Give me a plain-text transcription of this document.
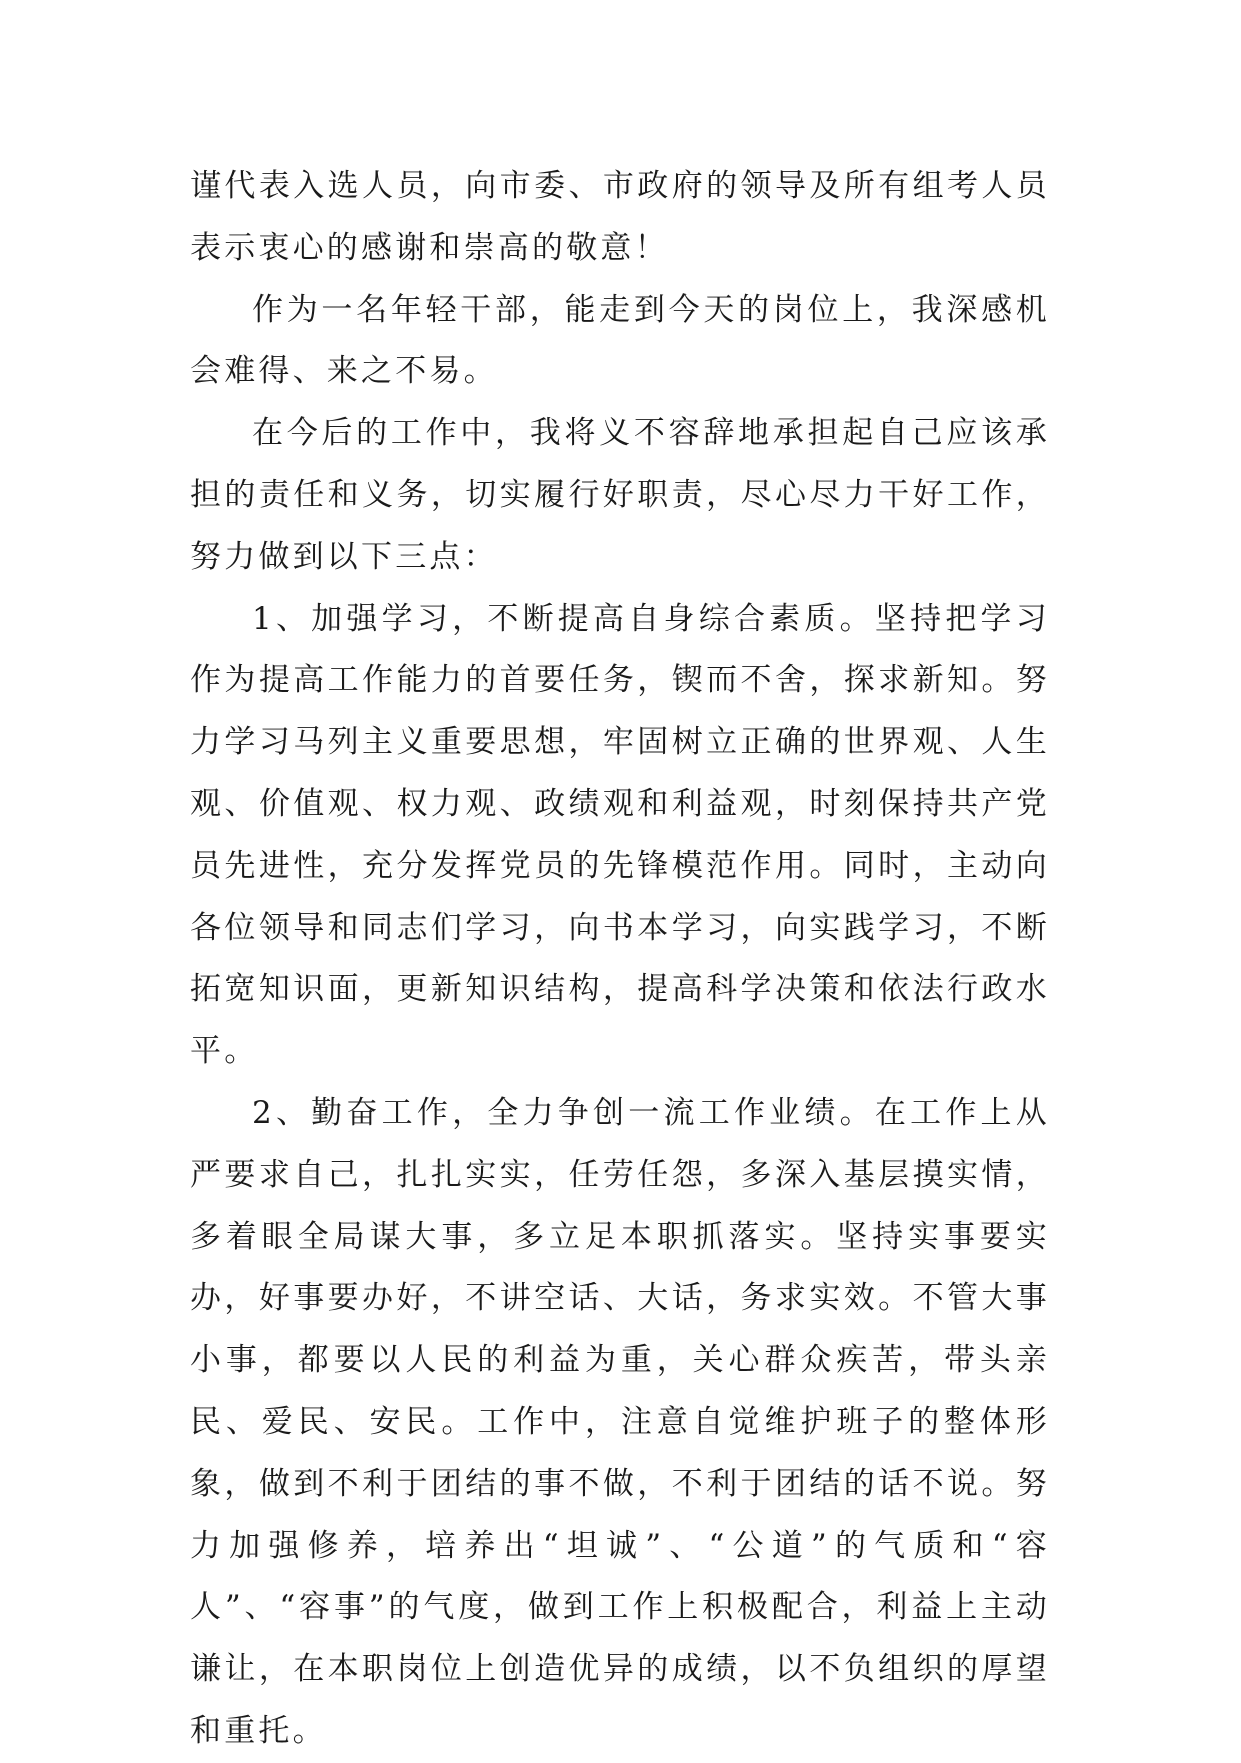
谨代表入选人员，向市委、市政府的领导及所有组考人员表示衷心的感谢和崇高的敬意！

作为一名年轻干部，能走到今天的岗位上，我深感机会难得、来之不易。

在今后的工作中，我将义不容辞地承担起自己应该承担的责任和义务，切实履行好职责，尽心尽力干好工作，努力做到以下三点：

1、加强学习，不断提高自身综合素质。坚持把学习作为提高工作能力的首要任务，锲而不舍，探求新知。努力学习马列主义重要思想，牢固树立正确的世界观、人生观、价值观、权力观、政绩观和利益观，时刻保持共产党员先进性，充分发挥党员的先锋模范作用。同时，主动向各位领导和同志们学习，向书本学习，向实践学习，不断拓宽知识面，更新知识结构，提高科学决策和依法行政水平。

2、勤奋工作，全力争创一流工作业绩。在工作上从严要求自己，扎扎实实，任劳任怨，多深入基层摸实情，多着眼全局谋大事，多立足本职抓落实。坚持实事要实办，好事要办好，不讲空话、大话，务求实效。不管大事小事，都要以人民的利益为重，关心群众疾苦，带头亲民、爱民、安民。工作中，注意自觉维护班子的整体形象，做到不利于团结的事不做，不利于团结的话不说。努力加强修养，培养出“坦诚”、“公道”的气质和“容人”、“容事”的气度，做到工作上积极配合，利益上主动谦让，在本职岗位上创造优异的成绩，以不负组织的厚望和重托。
